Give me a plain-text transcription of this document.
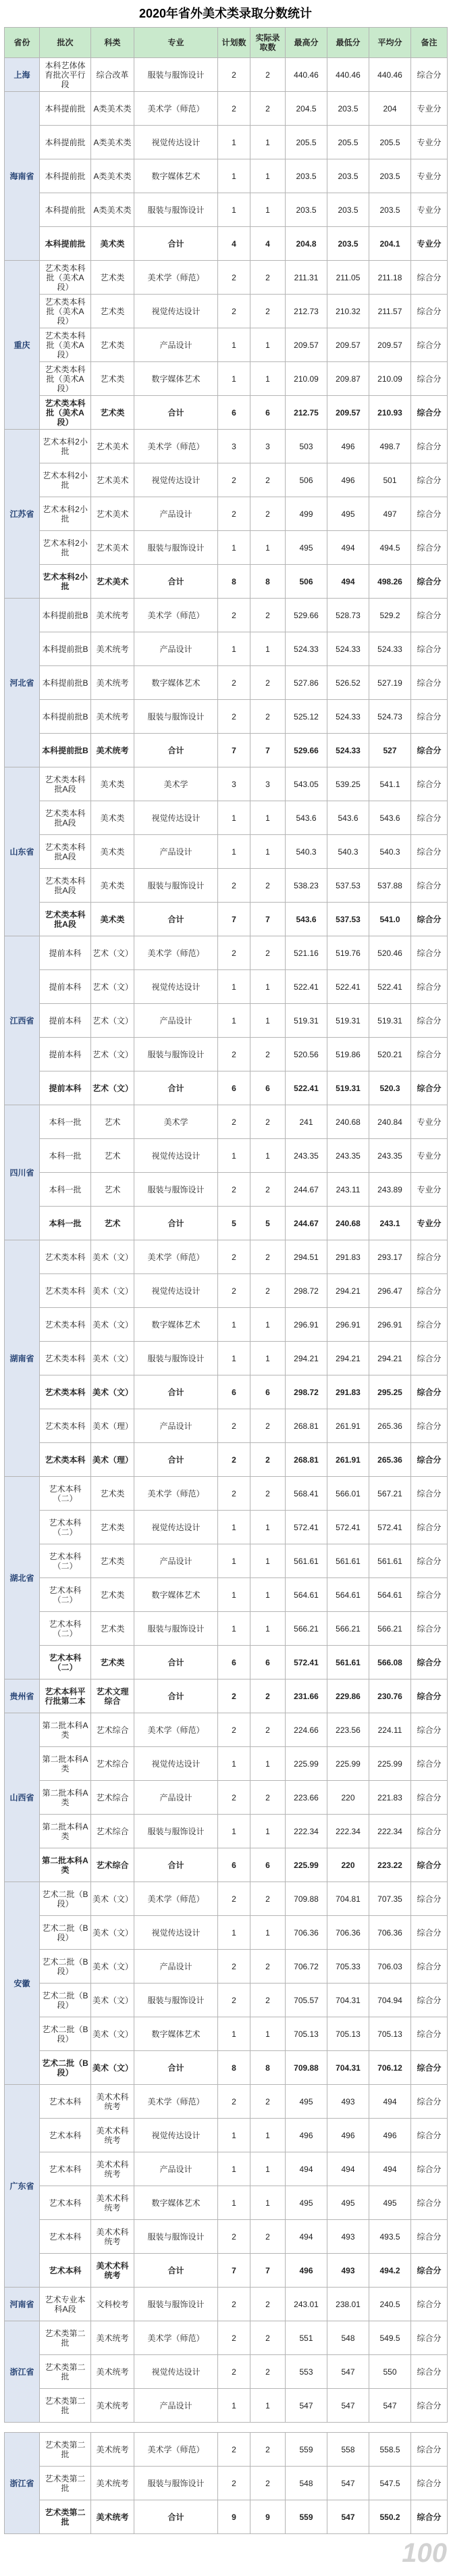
2020年省外美术类录取分数统计
省份	批次	科类	专业	计划数	实际录取数	最高分	最低分	平均分	备注
上海	本科艺体体育批次平行段	综合改革	服装与服饰设计	2	2	440.46	440.46	440.46	综合分
海南省	本科提前批	A类美术类	美术学（师范）	2	2	204.5	203.5	204	专业分
	本科提前批	A类美术类	视觉传达设计	1	1	205.5	205.5	205.5	专业分
	本科提前批	A类美术类	数字媒体艺术	1	1	203.5	203.5	203.5	专业分
	本科提前批	A类美术类	服装与服饰设计	1	1	203.5	203.5	203.5	专业分
	本科提前批	美术类	合计	4	4	204.8	203.5	204.1	专业分
重庆	艺术类本科批（美术A段）	艺术类	美术学（师范）	2	2	211.31	211.05	211.18	综合分
	艺术类本科批（美术A段）	艺术类	视觉传达设计	2	2	212.73	210.32	211.57	综合分
	艺术类本科批（美术A段）	艺术类	产品设计	1	1	209.57	209.57	209.57	综合分
	艺术类本科批（美术A段）	艺术类	数字媒体艺术	1	1	210.09	209.87	210.09	综合分
	艺术类本科批（美术A段）	艺术类	合计	6	6	212.75	209.57	210.93	综合分
江苏省	艺术本科2小批	艺术美术	美术学（师范）	3	3	503	496	498.7	综合分
	艺术本科2小批	艺术美术	视觉传达设计	2	2	506	496	501	综合分
	艺术本科2小批	艺术美术	产品设计	2	2	499	495	497	综合分
	艺术本科2小批	艺术美术	服装与服饰设计	1	1	495	494	494.5	综合分
	艺术本科2小批	艺术美术	合计	8	8	506	494	498.26	综合分
河北省	本科提前批B	美术统考	美术学（师范）	2	2	529.66	528.73	529.2	综合分
	本科提前批B	美术统考	产品设计	1	1	524.33	524.33	524.33	综合分
	本科提前批B	美术统考	数字媒体艺术	2	2	527.86	526.52	527.19	综合分
	本科提前批B	美术统考	服装与服饰设计	2	2	525.12	524.33	524.73	综合分
	本科提前批B	美术统考	合计	7	7	529.66	524.33	527	综合分
山东省	艺术类本科批A段	美术类	美术学	3	3	543.05	539.25	541.1	综合分
	艺术类本科批A段	美术类	视觉传达设计	1	1	543.6	543.6	543.6	综合分
	艺术类本科批A段	美术类	产品设计	1	1	540.3	540.3	540.3	综合分
	艺术类本科批A段	美术类	服装与服饰设计	2	2	538.23	537.53	537.88	综合分
	艺术类本科批A段	美术类	合计	7	7	543.6	537.53	541.0	综合分
江西省	提前本科	艺术（文）	美术学（师范）	2	2	521.16	519.76	520.46	综合分
	提前本科	艺术（文）	视觉传达设计	1	1	522.41	522.41	522.41	综合分
	提前本科	艺术（文）	产品设计	1	1	519.31	519.31	519.31	综合分
	提前本科	艺术（文）	服装与服饰设计	2	2	520.56	519.86	520.21	综合分
	提前本科	艺术（文）	合计	6	6	522.41	519.31	520.3	综合分
四川省	本科一批	艺术	美术学	2	2	241	240.68	240.84	专业分
	本科一批	艺术	视觉传达设计	1	1	243.35	243.35	243.35	专业分
	本科一批	艺术	服装与服饰设计	2	2	244.67	243.11	243.89	专业分
	本科一批	艺术	合计	5	5	244.67	240.68	243.1	专业分
湖南省	艺术类本科	美术（文）	美术学（师范）	2	2	294.51	291.83	293.17	综合分
	艺术类本科	美术（文）	视觉传达设计	2	2	298.72	294.21	296.47	综合分
	艺术类本科	美术（文）	数字媒体艺术	1	1	296.91	296.91	296.91	综合分
	艺术类本科	美术（文）	服装与服饰设计	1	1	294.21	294.21	294.21	综合分
	艺术类本科	美术（文）	合计	6	6	298.72	291.83	295.25	综合分
	艺术类本科	美术（理）	产品设计	2	2	268.81	261.91	265.36	综合分
	艺术类本科	美术（理）	合计	2	2	268.81	261.91	265.36	综合分
湖北省	艺术本科（二）	艺术类	美术学（师范）	2	2	568.41	566.01	567.21	综合分
	艺术本科（二）	艺术类	视觉传达设计	1	1	572.41	572.41	572.41	综合分
	艺术本科（二）	艺术类	产品设计	1	1	561.61	561.61	561.61	综合分
	艺术本科（二）	艺术类	数字媒体艺术	1	1	564.61	564.61	564.61	综合分
	艺术本科（二）	艺术类	服装与服饰设计	1	1	566.21	566.21	566.21	综合分
	艺术本科（二）	艺术类	合计	6	6	572.41	561.61	566.08	综合分
贵州省	艺术本科平行批第二本	艺术文理综合	合计	2	2	231.66	229.86	230.76	综合分
山西省	第二批本科A类	艺术综合	美术学（师范）	2	2	224.66	223.56	224.11	综合分
	第二批本科A类	艺术综合	视觉传达设计	1	1	225.99	225.99	225.99	综合分
	第二批本科A类	艺术综合	产品设计	2	2	223.66	220	221.83	综合分
	第二批本科A类	艺术综合	服装与服饰设计	1	1	222.34	222.34	222.34	综合分
	第二批本科A类	艺术综合	合计	6	6	225.99	220	223.22	综合分
安徽	艺术二批（B段）	美术（文）	美术学（师范）	2	2	709.88	704.81	707.35	综合分
	艺术二批（B段）	美术（文）	视觉传达设计	1	1	706.36	706.36	706.36	综合分
	艺术二批（B段）	美术（文）	产品设计	2	2	706.72	705.33	706.03	综合分
	艺术二批（B段）	美术（文）	服装与服饰设计	2	2	705.57	704.31	704.94	综合分
	艺术二批（B段）	美术（文）	数字媒体艺术	1	1	705.13	705.13	705.13	综合分
	艺术二批（B段）	美术（文）	合计	8	8	709.88	704.31	706.12	综合分
广东省	艺术本科	美术术科统考	美术学（师范）	2	2	495	493	494	综合分
	艺术本科	美术术科统考	视觉传达设计	1	1	496	496	496	综合分
	艺术本科	美术术科统考	产品设计	1	1	494	494	494	综合分
	艺术本科	美术术科统考	数字媒体艺术	1	1	495	495	495	综合分
	艺术本科	美术术科统考	服装与服饰设计	2	2	494	493	493.5	综合分
	艺术本科	美术术科统考	合计	7	7	496	493	494.2	综合分
河南省	艺术专业本科A段	文科校考	服装与服饰设计	2	2	243.01	238.01	240.5	综合分
浙江省	艺术类第二批	美术统考	美术学（师范）	2	2	551	548	549.5	综合分
	艺术类第二批	美术统考	视觉传达设计	2	2	553	547	550	综合分
	艺术类第二批	美术统考	产品设计	1	1	547	547	547	综合分

浙江省	艺术类第二批	美术统考	美术学（师范）	2	2	559	558	558.5	综合分
	艺术类第二批	美术统考	服装与服饰设计	2	2	548	547	547.5	综合分
	艺术类第二批	美术统考	合计	9	9	559	547	550.2	综合分
100
